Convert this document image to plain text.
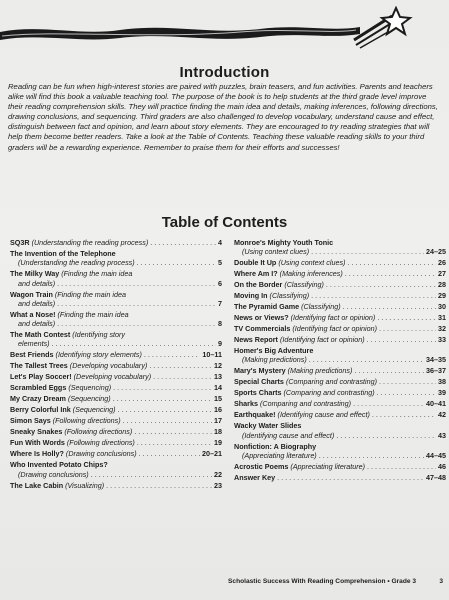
Introduction

Reading can be fun when high-interest stories are paired with puzzles, brain teasers, and fun activities. Parents and teachers alike will find this book a valuable teaching tool. The purpose of the book is to help students at the third grade level improve their reading comprehension skills. They will practice finding the main idea and details, making inferences, following directions, drawing conclusions, and sequencing. Third graders are also challenged to develop vocabulary, understand cause and effect, distinguish between fact and opinion, and learn about story elements. They are encouraged to try reading strategies that will help them become better readers. Take a look at the Table of Contents. Teaching these valuable reading skills to your third graders will be a rewarding experience. Remember to praise them for their efforts and successes!

Table of Contents
SQ3R (Understanding the reading process) . . .	4
The Invention of the Telephone
(Understanding the reading process) . . .	5
The Milky Way (Finding the main idea
and details) . . .	6
Wagon Train (Finding the main idea
and details) . . .	7
What a Nose! (Finding the main idea
and details) . . .	8
The Math Contest (Identifying story
elements) . . .	9
Best Friends (Identifying story elements) . . .	10–11
The Tallest Trees (Developing vocabulary) . . .	12
Let's Play Soccer! (Developing vocabulary) . . .	13
Scrambled Eggs (Sequencing) . . .	14
My Crazy Dream (Sequencing) . . .	15
Berry Colorful Ink (Sequencing) . . .	16
Simon Says (Following directions) . . .	17
Sneaky Snakes (Following directions) . . .	18
Fun With Words (Following directions) . . .	19
Where Is Holly? (Drawing conclusions) . . .	20–21
Who Invented Potato Chips?
(Drawing conclusions) . . .	22
The Lake Cabin (Visualizing) . . .	23
Monroe's Mighty Youth Tonic
(Using context clues) . . .	24–25
Double It Up (Using context clues) . . .	26
Where Am I? (Making inferences) . . .	27
On the Border (Classifying) . . .	28
Moving In (Classifying) . . .	29
The Pyramid Game (Classifying) . . .	30
News or Views? (Identifying fact or opinion) . . .	31
TV Commercials (Identifying fact or opinion) . . .	32
News Report (Identifying fact or opinion) . . .	33
Homer's Big Adventure
(Making predictions) . . .	34–35
Mary's Mystery (Making predictions) . . .	36–37
Special Charts (Comparing and contrasting) . . .	38
Sports Charts (Comparing and contrasting) . . .	39
Sharks (Comparing and contrasting) . . .	40–41
Earthquake! (Identifying cause and effect) . . .	42
Wacky Water Slides
(Identifying cause and effect) . . .	43
Nonfiction: A Biography
(Appreciating literature) . . .	44–45
Acrostic Poems (Appreciating literature) . . .	46
Answer Key . . .	47–48
Scholastic Success With Reading Comprehension • Grade 3	3
